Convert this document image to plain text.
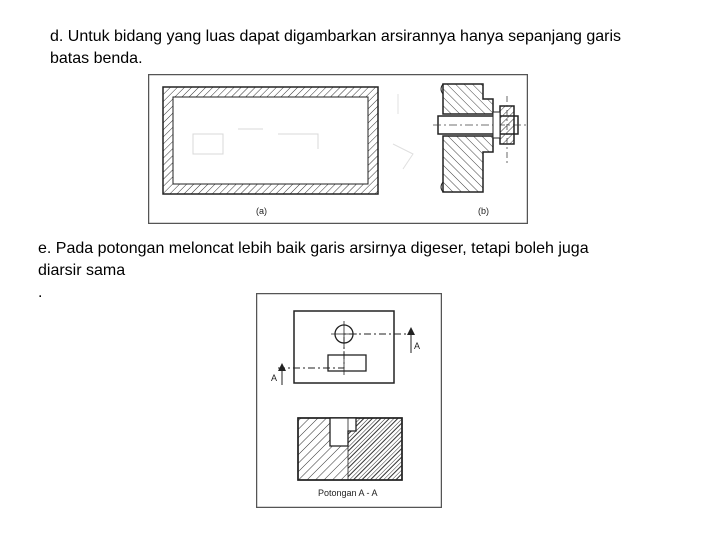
d. Untuk bidang yang luas dapat digambarkan arsirannya hanya sepanjang garis
batas benda.

(a)	(b)

e. Pada potongan meloncat lebih baik garis arsirnya digeser, tetapi boleh juga
diarsir sama
.

A
A
Potongan A - A
